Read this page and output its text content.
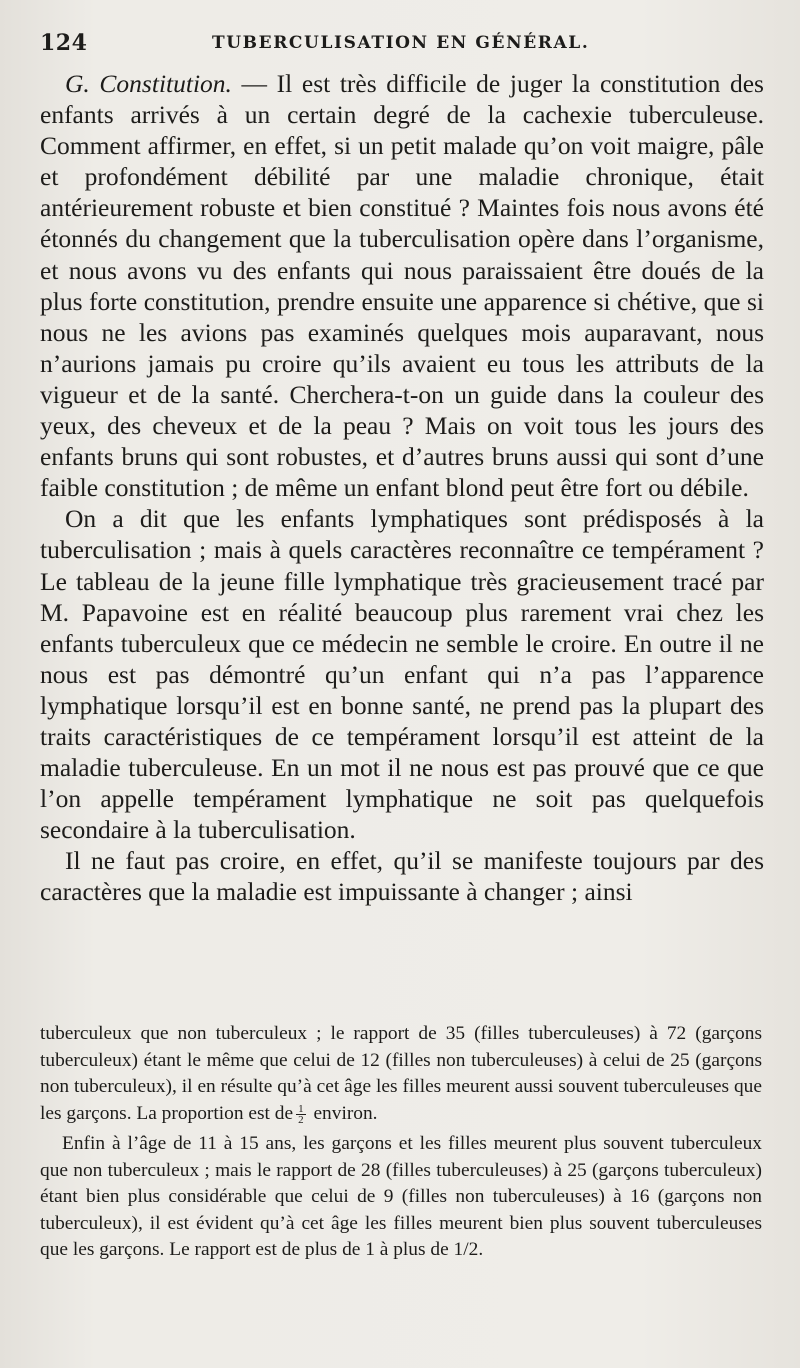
124	TUBERCULISATION EN GÉNÉRAL.

G. Constitution. — Il est très difficile de juger la constitution des enfants arrivés à un certain degré de la cachexie tuberculeuse. Comment affirmer, en effet, si un petit malade qu’on voit maigre, pâle et profondément débilité par une maladie chronique, était antérieurement robuste et bien constitué ? Maintes fois nous avons été étonnés du changement que la tuberculisation opère dans l’organisme, et nous avons vu des enfants qui nous paraissaient être doués de la plus forte constitution, prendre ensuite une apparence si chétive, que si nous ne les avions pas examinés quelques mois auparavant, nous n’aurions jamais pu croire qu’ils avaient eu tous les attributs de la vigueur et de la santé. Cherchera-t-on un guide dans la couleur des yeux, des cheveux et de la peau ? Mais on voit tous les jours des enfants bruns qui sont robustes, et d’autres bruns aussi qui sont d’une faible constitution ; de même un enfant blond peut être fort ou débile.

On a dit que les enfants lymphatiques sont prédisposés à la tuberculisation ; mais à quels caractères reconnaître ce tempérament ? Le tableau de la jeune fille lymphatique très gracieusement tracé par M. Papavoine est en réalité beaucoup plus rarement vrai chez les enfants tuberculeux que ce médecin ne semble le croire. En outre il ne nous est pas démontré qu’un enfant qui n’a pas l’apparence lymphatique lorsqu’il est en bonne santé, ne prend pas la plupart des traits caractéristiques de ce tempérament lorsqu’il est atteint de la maladie tuberculeuse. En un mot il ne nous est pas prouvé que ce que l’on appelle tempérament lymphatique ne soit pas quelquefois secondaire à la tuberculisation.

Il ne faut pas croire, en effet, qu’il se manifeste toujours par des caractères que la maladie est impuissante à changer ; ainsi

tuberculeux que non tuberculeux ; le rapport de 35 (filles tuberculeuses) à 72 (garçons tuberculeux) étant le même que celui de 12 (filles non tuberculeuses) à celui de 25 (garçons non tuberculeux), il en résulte qu’à cet âge les filles meurent aussi souvent tuberculeuses que les garçons. La proportion est de $\frac{1}{2}$ environ.

Enfin à l’âge de 11 à 15 ans, les garçons et les filles meurent plus souvent tuberculeux que non tuberculeux ; mais le rapport de 28 (filles tuberculeuses) à 25 (garçons tuberculeux) étant bien plus considérable que celui de 9 (filles non tuberculeuses) à 16 (garçons non tuberculeux), il est évident qu’à cet âge les filles meurent bien plus souvent tuberculeuses que les garçons. Le rapport est de plus de 1 à plus de 1/2.
